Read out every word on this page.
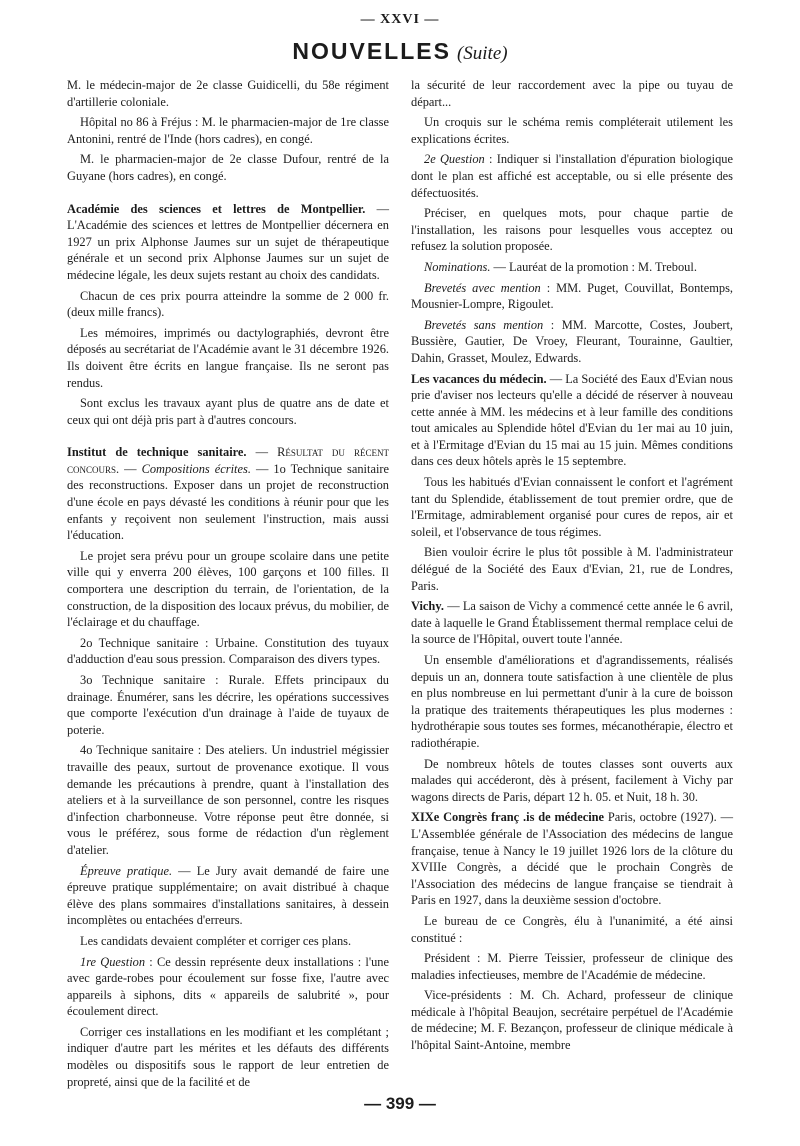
— XXVI —
NOUVELLES (Suite)

M. le médecin-major de 2e classe Guidicelli, du 58e régiment d'artillerie coloniale.

Hôpital no 86 à Fréjus : M. le pharmacien-major de 1re classe Antonini, rentré de l'Inde (hors cadres), en congé.

M. le pharmacien-major de 2e classe Dufour, rentré de la Guyane (hors cadres), en congé.

Académie des sciences et lettres de Montpellier. — L'Académie des sciences et lettres de Montpellier décernera en 1927 un prix Alphonse Jaumes sur un sujet de thérapeutique générale et un second prix Alphonse Jaumes sur un sujet de médecine légale, les deux sujets restant au choix des candidats.

Chacun de ces prix pourra atteindre la somme de 2 000 fr. (deux mille francs).

Les mémoires, imprimés ou dactylographiés, devront être déposés au secrétariat de l'Académie avant le 31 décembre 1926. Ils doivent être écrits en langue française. Ils ne seront pas rendus.

Sont exclus les travaux ayant plus de quatre ans de date et ceux qui ont déjà pris part à d'autres concours.

Institut de technique sanitaire. — Résultat du récent concours. — Compositions écrites. — 1o Technique sanitaire des reconstructions. Exposer dans un projet de reconstruction d'une école en pays dévasté les conditions à réunir pour que les enfants y reçoivent non seulement l'instruction, mais aussi l'éducation.

Le projet sera prévu pour un groupe scolaire dans une petite ville qui y enverra 200 élèves, 100 garçons et 100 filles. Il comportera une description du terrain, de l'orientation, de la construction, de la disposition des locaux prévus, du mobilier, de l'éclairage et du chauffage.

2o Technique sanitaire : Urbaine. Constitution des tuyaux d'adduction d'eau sous pression. Comparaison des divers types.

3o Technique sanitaire : Rurale. Effets principaux du drainage. Énumérer, sans les décrire, les opérations successives que comporte l'exécution d'un drainage à l'aide de tuyaux de poterie.

4o Technique sanitaire : Des ateliers. Un industriel mégissier travaille des peaux, surtout de provenance exotique. Il vous demande les précautions à prendre, quant à l'installation des ateliers et à la surveillance de son personnel, contre les risques d'infection charbonneuse. Votre réponse peut être donnée, si vous le préférez, sous forme de rédaction d'un règlement d'atelier.

Épreuve pratique. — Le Jury avait demandé de faire une épreuve pratique supplémentaire; on avait distribué à chaque élève des plans sommaires d'installations sanitaires, à dessein incomplètes ou entachées d'erreurs.

Les candidats devaient compléter et corriger ces plans.

1re Question : Ce dessin représente deux installations : l'une avec garde-robes pour écoulement sur fosse fixe, l'autre avec appareils à siphons, dits « appareils de salubrité », pour écoulement direct.

Corriger ces installations en les modifiant et les complétant ; indiquer d'autre part les mérites et les défauts des différents modèles ou dispositifs sous le rapport de leur entretien de propreté, ainsi que de la facilité et de

la sécurité de leur raccordement avec la pipe ou tuyau de départ...

Un croquis sur le schéma remis compléterait utilement les explications écrites.

2e Question : Indiquer si l'installation d'épuration biologique dont le plan est affiché est acceptable, ou si elle présente des défectuosités.

Préciser, en quelques mots, pour chaque partie de l'installation, les raisons pour lesquelles vous acceptez ou refusez la solution proposée.

Nominations. — Lauréat de la promotion : M. Treboul.

Brevetés avec mention : MM. Puget, Couvillat, Bontemps, Mousnier-Lompre, Rigoulet.

Brevetés sans mention : MM. Marcotte, Costes, Joubert, Bussière, Gautier, De Vroey, Fleurant, Tourainne, Gaultier, Dahin, Grasset, Moulez, Edwards.

Les vacances du médecin. — La Société des Eaux d'Evian nous prie d'aviser nos lecteurs qu'elle a décidé de réserver à nouveau cette année à MM. les médecins et à leur famille des conditions tout amicales au Splendide hôtel d'Evian du 1er mai au 10 juin, et à l'Ermitage d'Evian du 15 mai au 15 juin. Mêmes conditions dans ces deux hôtels après le 15 septembre.

Tous les habitués d'Evian connaissent le confort et l'agrément tant du Splendide, établissement de tout premier ordre, que de l'Ermitage, admirablement organisé pour cures de repos, air et soleil, et l'observance de tous régimes.

Bien vouloir écrire le plus tôt possible à M. l'administrateur délégué de la Société des Eaux d'Evian, 21, rue de Londres, Paris.

Vichy. — La saison de Vichy a commencé cette année le 6 avril, date à laquelle le Grand Établissement thermal remplace celui de la source de l'Hôpital, ouvert toute l'année.

Un ensemble d'améliorations et d'agrandissements, réalisés depuis un an, donnera toute satisfaction à une clientèle de plus en plus nombreuse en lui permettant d'unir à la cure de boisson la pratique des traitements thérapeutiques les plus modernes : hydrothérapie sous toutes ses formes, mécanothérapie, électro et radiothérapie.

De nombreux hôtels de toutes classes sont ouverts aux malades qui accéderont, dès à présent, facilement à Vichy par wagons directs de Paris, départ 12 h. 05. et Nuit, 18 h. 30.

XIXe Congrès franç .is de médecine Paris, octobre (1927). — L'Assemblée générale de l'Association des médecins de langue française, tenue à Nancy le 19 juillet 1926 lors de la clôture du XVIIIe Congrès, a décidé que le prochain Congrès de l'Association des médecins de langue française se tiendrait à Paris en 1927, dans la deuxième session d'octobre.

Le bureau de ce Congrès, élu à l'unanimité, a été ainsi constitué :

Président : M. Pierre Teissier, professeur de clinique des maladies infectieuses, membre de l'Académie de médecine.

Vice-présidents : M. Ch. Achard, professeur de clinique médicale à l'hôpital Beaujon, secrétaire perpétuel de l'Académie de médecine; M. F. Bezançon, professeur de clinique médicale à l'hôpital Saint-Antoine, membre

— 399 —
